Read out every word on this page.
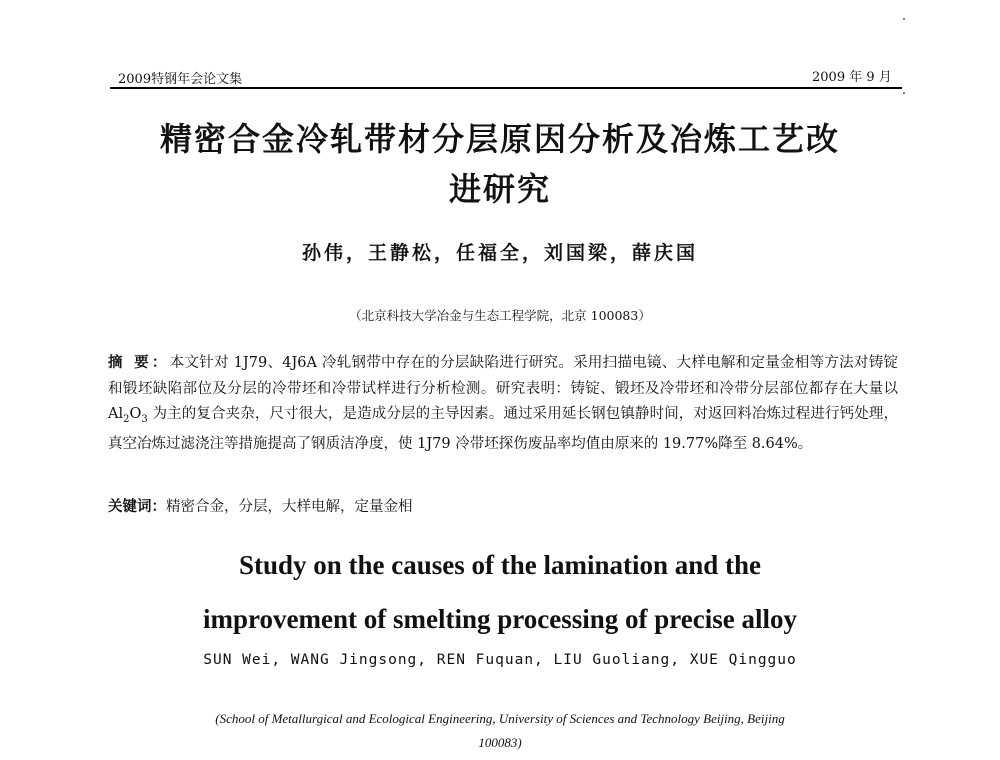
2009特钢年会论文集	2009 年 9 月
精密合金冷轧带材分层原因分析及冶炼工艺改
进研究
孙伟，王静松，任福全，刘国梁，薛庆国
（北京科技大学冶金与生态工程学院，北京 100083）
摘 要：本文针对 1J79、4J6A 冷轧钢带中存在的分层缺陷进行研究。采用扫描电镜、大样电解和定量金相等方法对铸锭和锻坯缺陷部位及分层的冷带坯和冷带试样进行分析检测。研究表明：铸锭、锻坯及冷带坯和冷带分层部位都存在大量以 $Al_2O_3$ 为主的复合夹杂，尺寸很大，是造成分层的主导因素。通过采用延长钢包镇静时间，对返回料冶炼过程进行钙处理，真空冶炼过滤浇注等措施提高了钢质洁净度，使 1J79 冷带坯探伤废品率均值由原来的 19.77%降至 8.64%。
关键词：精密合金，分层，大样电解，定量金相
Study on the causes of the lamination and the
improvement of smelting processing of precise alloy
SUN Wei, WANG Jingsong, REN Fuquan, LIU Guoliang, XUE Qingguo
(School of Metallurgical and Ecological Engineering, University of Sciences and Technology Beijing, Beijing
100083)
